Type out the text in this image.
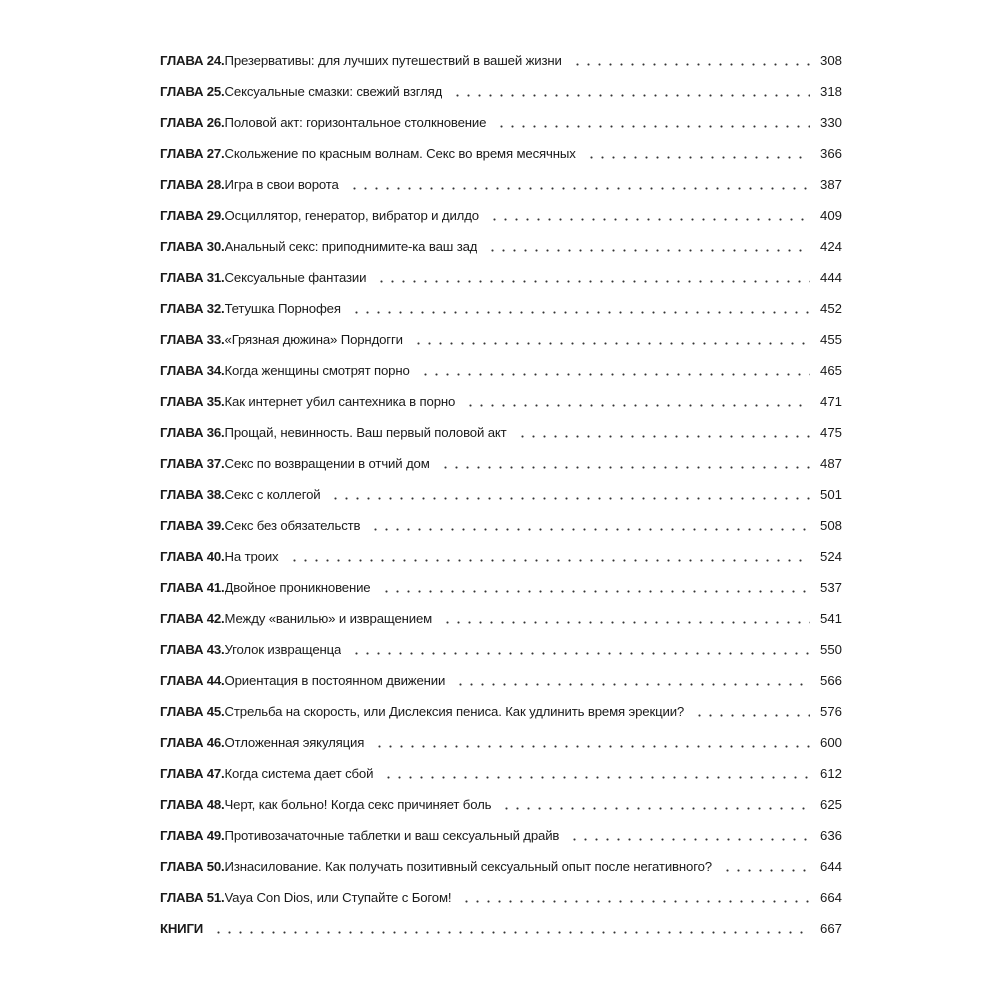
ГЛАВА 24. Презервативы: для лучших путешествий в вашей жизни	308
ГЛАВА 25. Сексуальные смазки: свежий взгляд	318
ГЛАВА 26. Половой акт: горизонтальное столкновение	330
ГЛАВА 27. Скольжение по красным волнам. Секс во время месячных	366
ГЛАВА 28. Игра в свои ворота	387
ГЛАВА 29. Осциллятор, генератор, вибратор и дилдо	409
ГЛАВА 30. Анальный секс: приподнимите-ка ваш зад	424
ГЛАВА 31. Сексуальные фантазии	444
ГЛАВА 32. Тетушка Порнофея	452
ГЛАВА 33. «Грязная дюжина» Порндогги	455
ГЛАВА 34. Когда женщины смотрят порно	465
ГЛАВА 35. Как интернет убил сантехника в порно	471
ГЛАВА 36. Прощай, невинность. Ваш первый половой акт	475
ГЛАВА 37. Секс по возвращении в отчий дом	487
ГЛАВА 38. Секс с коллегой	501
ГЛАВА 39. Секс без обязательств	508
ГЛАВА 40. На троих	524
ГЛАВА 41. Двойное проникновение	537
ГЛАВА 42. Между «ванилью» и извращением	541
ГЛАВА 43. Уголок извращенца	550
ГЛАВА 44. Ориентация в постоянном движении	566
ГЛАВА 45. Стрельба на скорость, или Дислексия пениса. Как удлинить время эрекции?	576
ГЛАВА 46. Отложенная эякуляция	600
ГЛАВА 47. Когда система дает сбой	612
ГЛАВА 48. Черт, как больно! Когда секс причиняет боль	625
ГЛАВА 49. Противозачаточные таблетки и ваш сексуальный драйв	636
ГЛАВА 50. Изнасилование. Как получать позитивный сексуальный опыт после негативного?	644
ГЛАВА 51. Vaya Con Dios, или Ступайте с Богом!	664
КНИГИ	667
